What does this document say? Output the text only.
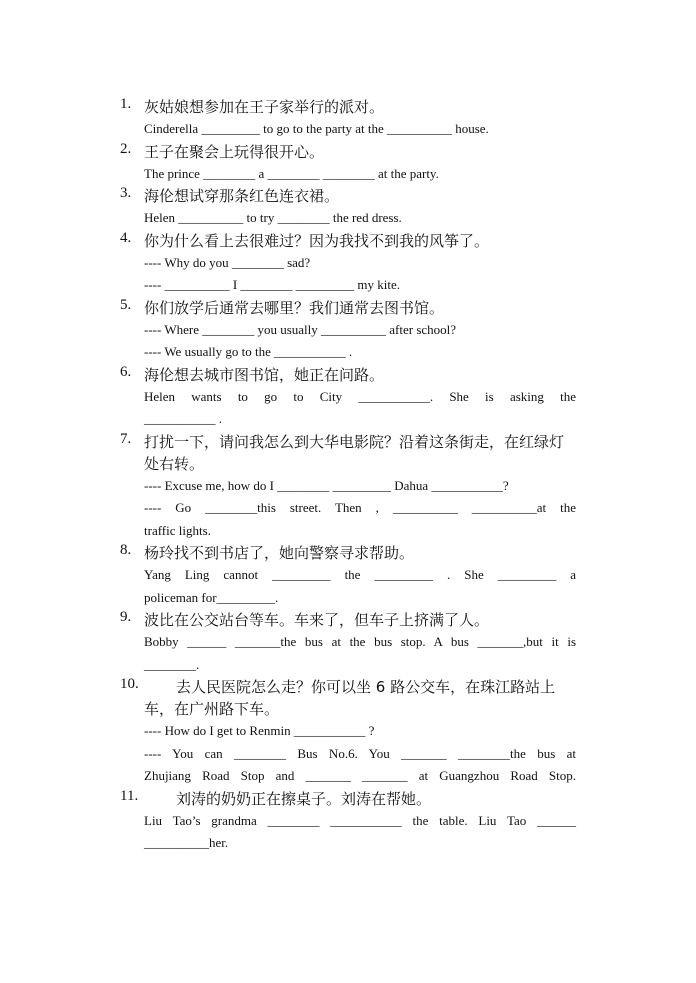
1. 灰姑娘想参加在王子家举行的派对。

Cinderella _________ to go to the party at the __________ house.

2. 王子在聚会上玩得很开心。

The prince ________ a ________ ________ at the party.

3. 海伦想试穿那条红色连衣裙。

Helen __________ to try ________ the red dress.

4. 你为什么看上去很难过？因为我找不到我的风筝了。

---- Why do you ________ sad?

---- __________ I ________ _________ my kite.

5. 你们放学后通常去哪里？我们通常去图书馆。

---- Where ________ you usually __________ after school?

---- We usually go to the ___________ .

6. 海伦想去城市图书馆，她正在问路。

Helen wants to go to City ___________. She is asking the

___________ .

7. 打扰一下，请问我怎么到大华电影院？沿着这条街走，在红绿灯处右转。

---- Excuse me, how do I ________ _________ Dahua ___________?

---- Go ________this street. Then , __________ __________at the

traffic lights.

8. 杨玲找不到书店了，她向警察寻求帮助。

Yang Ling cannot _________ the _________ . She _________ a

policeman for_________.

9. 波比在公交站台等车。车来了，但车子上挤满了人。

Bobby ______ _______the bus at the bus stop. A bus _______,but it is

________.

10.	去人民医院怎么走？你可以坐 6 路公交车，在珠江路站上车，在广州路下车。

---- How do I get to Renmin ___________ ?

---- You can ________ Bus No.6. You _______ ________the bus at

Zhujiang Road Stop and _______ _______ at Guangzhou Road Stop.

11.	刘涛的奶奶正在擦桌子。刘涛在帮她。

Liu Tao’s grandma ________ ___________ the table. Liu Tao ______

__________her.
